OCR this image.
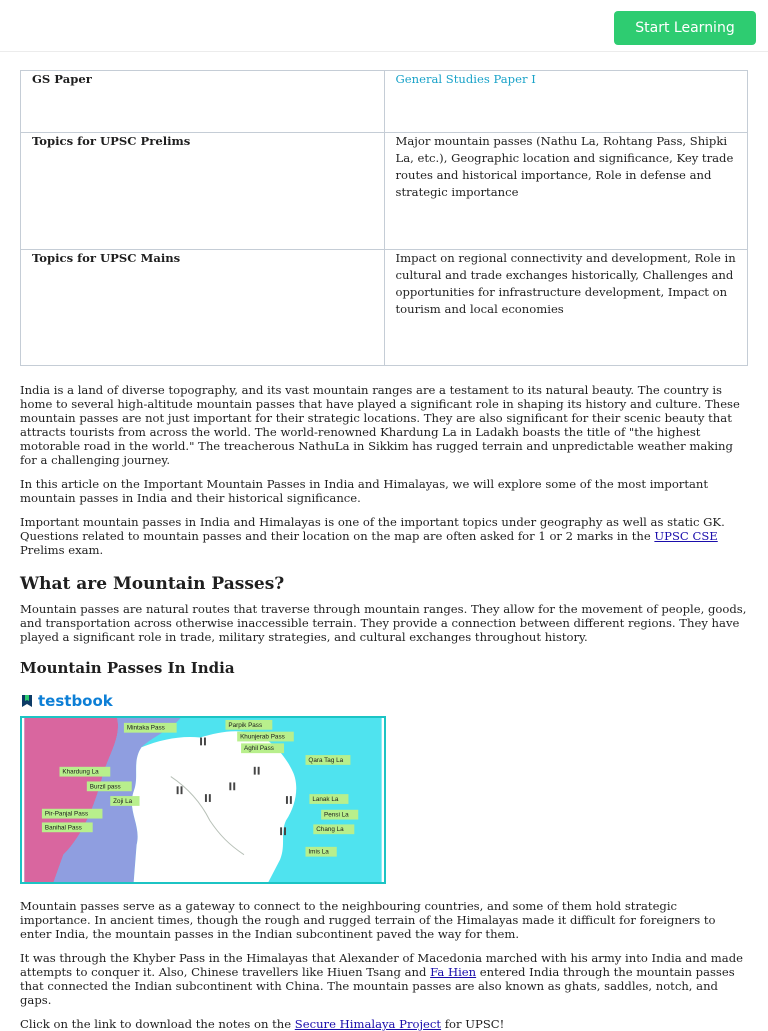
Start Learning
GS Paper	General Studies Paper I
Topics for UPSC Prelims	Major mountain passes (Nathu La, Rohtang Pass, Shipki La, etc.), Geographic location and significance, Key trade routes and historical importance, Role in defense and strategic importance
Topics for UPSC Mains	Impact on regional connectivity and development, Role in cultural and trade exchanges historically, Challenges and opportunities for infrastructure development, Impact on tourism and local economies

India is a land of diverse topography, and its vast mountain ranges are a testament to its natural beauty. The country is home to several high-altitude mountain passes that have played a significant role in shaping its history and culture. These mountain passes are not just important for their strategic locations. They are also significant for their scenic beauty that attracts tourists from across the world. The world-renowned Khardung La in Ladakh boasts the title of "the highest motorable road in the world." The treacherous NathuLa in Sikkim has rugged terrain and unpredictable weather making for a challenging journey.

In this article on the Important Mountain Passes in India and Himalayas, we will explore some of the most important mountain passes in India and their historical significance.

Important mountain passes in India and Himalayas is one of the important topics under geography as well as static GK. Questions related to mountain passes and their location on the map are often asked for 1 or 2 marks in the UPSC CSE Prelims exam.

What are Mountain Passes?

Mountain passes are natural routes that traverse through mountain ranges. They allow for the movement of people, goods, and transportation across otherwise inaccessible terrain. They provide a connection between different regions. They have played a significant role in trade, military strategies, and cultural exchanges throughout history.

Mountain Passes In India
testbook
Mintaka Pass	Parpik Pass
Khunjerab Pass
Aghil Pass
Qara Tag La
Khardung La
Burzil pass
Zoji La
Pir-Panjal Pass
Banihal Pass
Lanak La
Pensi La
Chang La
Imis La

Mountain passes serve as a gateway to connect to the neighbouring countries, and some of them hold strategic importance. In ancient times, though the rough and rugged terrain of the Himalayas made it difficult for foreigners to enter India, the mountain passes in the Indian subcontinent paved the way for them.

It was through the Khyber Pass in the Himalayas that Alexander of Macedonia marched with his army into India and made attempts to conquer it. Also, Chinese travellers like Hiuen Tsang and Fa Hien entered India through the mountain passes that connected the Indian subcontinent with China. The mountain passes are also known as ghats, saddles, notch, and gaps.

Click on the link to download the notes on the Secure Himalaya Project for UPSC!
